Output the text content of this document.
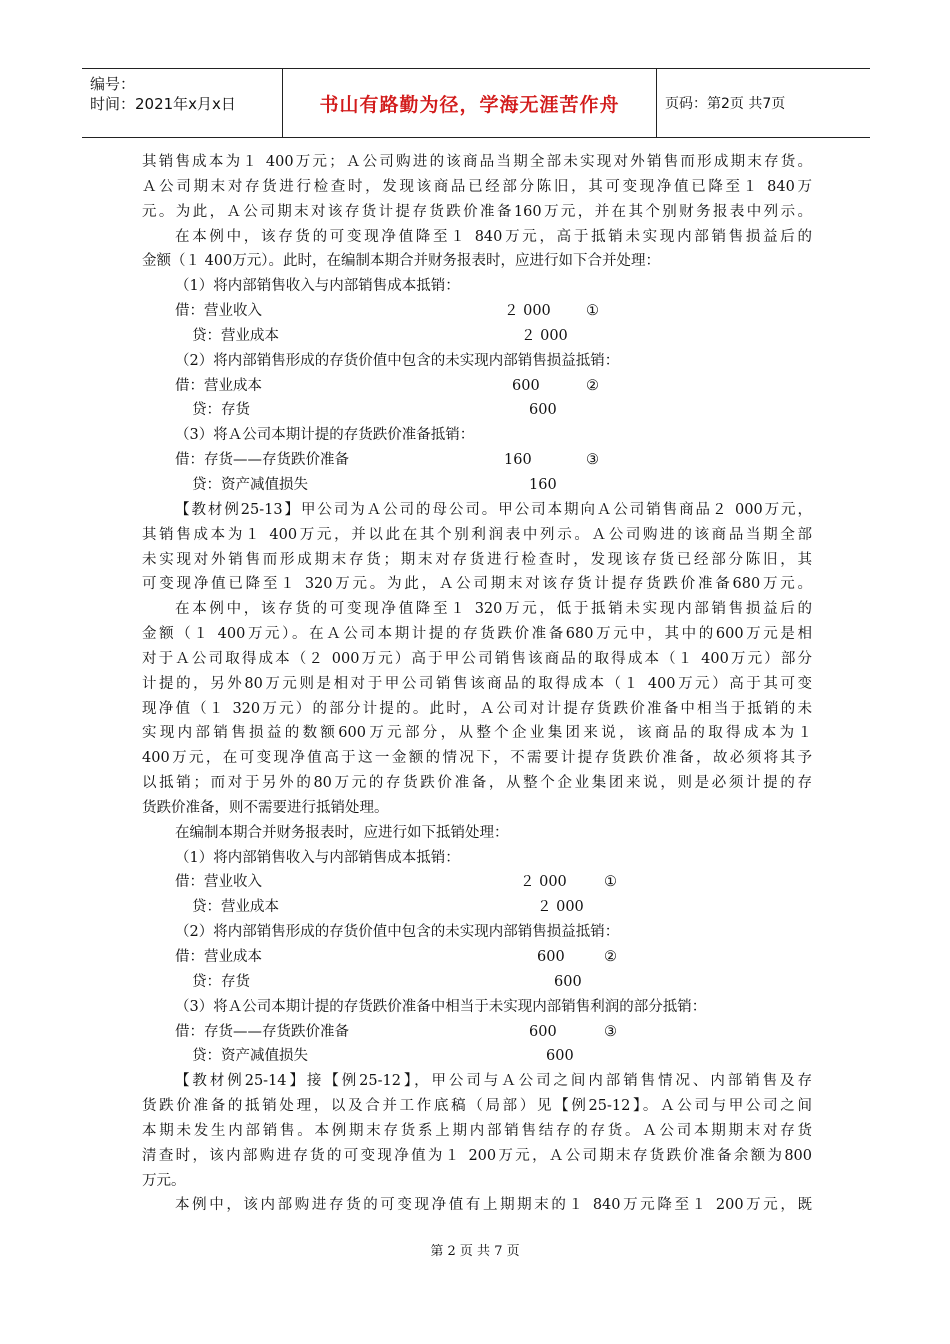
编号：
时间：2021年x月x日	书山有路勤为径，学海无涯苦作舟	页码：第2页 共7页
其销售成本为１ 400万元；Ａ公司购进的该商品当期全部未实现对外销售而形成期末存货。
Ａ公司期末对存货进行检查时，发现该商品已经部分陈旧，其可变现净值已降至１ 840万
元。为此，Ａ公司期末对该存货计提存货跌价准备160万元，并在其个别财务报表中列示。
在本例中，该存货的可变现净值降至１ 840万元，高于抵销未实现内部销售损益后的
金额（１ 400万元）。此时，在编制本期合并财务报表时，应进行如下合并处理：
（1）将内部销售收入与内部销售成本抵销：
借：营业收入	２ 000 ①
贷：营业成本	２ 000
（2）将内部销售形成的存货价值中包含的未实现内部销售损益抵销：
借：营业成本	600	②
贷：存货	600
（3）将Ａ公司本期计提的存货跌价准备抵销：
借：存货——存货跌价准备	160	③
贷：资产减值损失	160
【教材例25-13】甲公司为Ａ公司的母公司。甲公司本期向Ａ公司销售商品２ 000万元，
其销售成本为１ 400万元，并以此在其个别利润表中列示。Ａ公司购进的该商品当期全部
未实现对外销售而形成期末存货；期末对存货进行检查时，发现该存货已经部分陈旧，其
可变现净值已降至１ 320万元。为此，Ａ公司期末对该存货计提存货跌价准备680万元。
在本例中，该存货的可变现净值降至１ 320万元，低于抵销未实现内部销售损益后的
金额（１ 400万元）。在Ａ公司本期计提的存货跌价准备680万元中，其中的600万元是相
对于Ａ公司取得成本（２ 000万元）高于甲公司销售该商品的取得成本（１ 400万元）部分
计提的，另外80万元则是相对于甲公司销售该商品的取得成本（１ 400万元）高于其可变
现净值（１ 320万元）的部分计提的。此时，Ａ公司对计提存货跌价准备中相当于抵销的未
实现内部销售损益的数额600万元部分，从整个企业集团来说，该商品的取得成本为１
400万元，在可变现净值高于这一金额的情况下，不需要计提存货跌价准备，故必须将其予
以抵销；而对于另外的80万元的存货跌价准备，从整个企业集团来说，则是必须计提的存
货跌价准备，则不需要进行抵销处理。
在编制本期合并财务报表时，应进行如下抵销处理：
（1）将内部销售收入与内部销售成本抵销：
借：营业收入	２ 000	①
贷：营业成本	２ 000
（2）将内部销售形成的存货价值中包含的未实现内部销售损益抵销：
借：营业成本	600	②
贷：存货	600
（3）将Ａ公司本期计提的存货跌价准备中相当于未实现内部销售利润的部分抵销：
借：存货——存货跌价准备	600	③
贷：资产减值损失	600
【教材例25-14】接【例25-12】，甲公司与Ａ公司之间内部销售情况、内部销售及存
货跌价准备的抵销处理，以及合并工作底稿（局部）见【例25-12】。Ａ公司与甲公司之间
本期未发生内部销售。本例期末存货系上期内部销售结存的存货。Ａ公司本期期末对存货
清查时，该内部购进存货的可变现净值为１ 200万元，Ａ公司期末存货跌价准备余额为800
万元。
本例中，该内部购进存货的可变现净值有上期期末的１ 840万元降至１ 200万元，既
第 2 页 共 7 页
